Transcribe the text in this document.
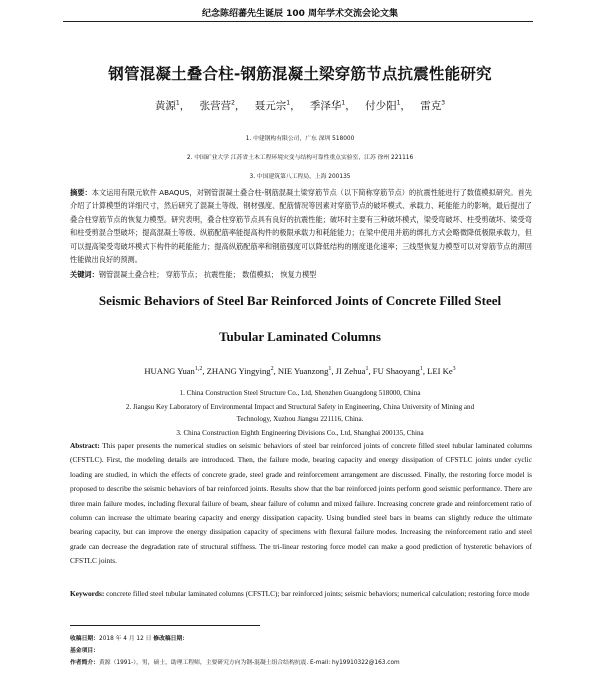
纪念陈绍蕃先生诞辰 100 周年学术交流会论文集
钢管混凝土叠合柱-钢筋混凝土梁穿筋节点抗震性能研究
黄源$^1$， 张营营$^2$， 聂元宗$^1$， 季泽华$^1$， 付少阳$^1$， 雷克$^3$
1. 中建钢构有限公司，广东 深圳 518000
2. 中国矿业大学 江苏省土木工程环境灾变与结构可靠性重点实验室，江苏 徐州 221116
3. 中国建筑第八工程局，上海 200135
摘要：本文运用有限元软件 ABAQUS，对钢管混凝土叠合柱-钢筋混凝土梁穿筋节点（以下简称穿筋节点）的抗震性能进行了数值模拟研究。首先介绍了计算模型的详细尺寸，然后研究了混凝土等级、钢材强度、配筋情况等因素对穿筋节点的破坏模式、承载力、耗能能力的影响，最后提出了叠合柱穿筋节点的恢复力模型。研究表明，叠合柱穿筋节点具有良好的抗震性能；破坏时主要有三种破坏模式，梁受弯破坏、柱受剪破坏、梁受弯和柱受剪混合型破坏；提高混凝土等级、纵筋配筋率能提高构件的极限承载力和耗能能力；在梁中使用并筋的绑扎方式会略微降低极限承载力，但可以提高梁受弯破坏模式下构件的耗能能力；提高纵筋配筋率和钢筋强度可以降低结构的刚度退化速率；三线型恢复力模型可以对穿筋节点的滞回性能做出良好的预测。
关键词：钢管混凝土叠合柱； 穿筋节点； 抗震性能； 数值模拟； 恢复力模型
Seismic Behaviors of Steel Bar Reinforced Joints of Concrete Filled Steel
Tubular Laminated Columns
HUANG Yuan$^{1,2}$, ZHANG Yingying$^2$, NIE Yuanzong$^1$, JI Zehua$^1$, FU Shaoyang$^1$, LEI Ke$^3$
1. China Construction Steel Structure Co., Ltd, Shenzhen Guangdong 518000, China
2. Jiangsu Key Laboratory of Environmental Impact and Structural Safety in Engineering, China University of Mining and
Technology, Xuzhou Jiangsu 221116, China.
3. China Construction Eighth Engineering Divisions Co., Ltd, Shanghai 200135, China
Abstract: This paper presents the numerical studies on seismic behaviors of steel bar reinforced joints of concrete filled steel tubular laminated columns (CFSTLC). First, the modeling details are introduced. Then, the failure mode, bearing capacity and energy dissipation of CFSTLC joints under cyclic loading are studied, in which the effects of concrete grade, steel grade and reinforcement arrangement are discussed. Finally, the restoring force model is proposed to describe the seismic behaviors of bar reinforced joints. Results show that the bar reinforced joints perform good seismic performance. There are three main failure modes, including flexural failure of beam, shear failure of column and mixed failure. Increasing concrete grade and reinforcement ratio of column can increase the ultimate bearing capacity and energy dissipation capacity. Using bundled steel bars in beams can slightly reduce the ultimate bearing capacity, but can improve the energy dissipation capacity of specimens with flexural failure modes. Increasing the reinforcement ratio and steel grade can decrease the degradation rate of structural stiffness. The tri-linear restoring force model can make a good prediction of hysteretic behaviors of CFSTLC joints.
Keywords: concrete filled steel tubular laminated columns (CFSTLC); bar reinforced joints; seismic behaviors; numerical calculation; restoring force mode
收稿日期：2018 年 4 月 12 日 修改稿日期：
基金项目：
作者简介：黄源（1991-），男，硕士，助理工程师，主要研究方向为钢-混凝土组合结构抗震. E-mail: hy19910322@163.com
